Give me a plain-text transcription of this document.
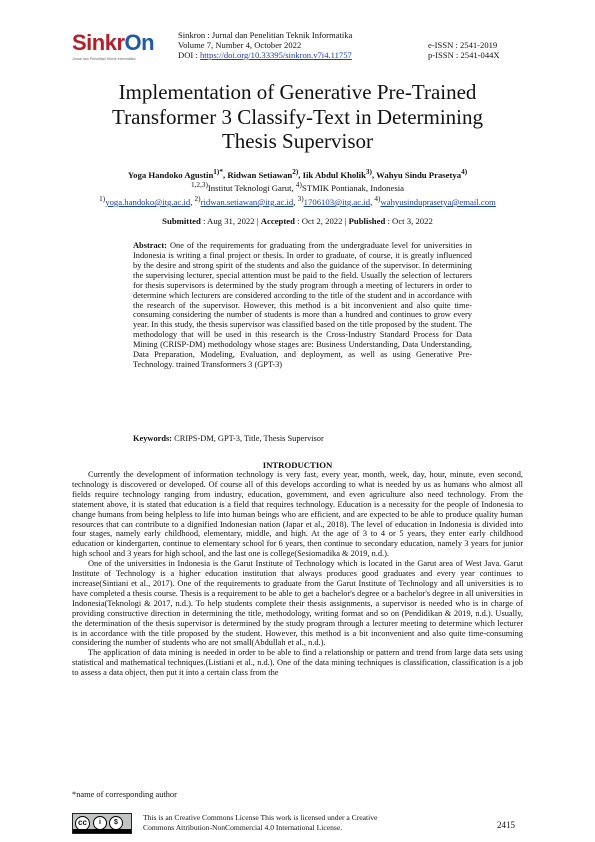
SinkrOn
Jurnal dan Penelitian Teknik Informatika
Sinkron : Jurnal dan Penelitian Teknik Informatika
Volume 7, Number 4, October 2022
DOI : https://doi.org/10.33395/sinkron.v7i4.11757
e-ISSN : 2541-2019
p-ISSN : 2541-044X
Implementation of Generative Pre-Trained
Transformer 3 Classify-Text in Determining
Thesis Supervisor
Yoga Handoko Agustin$^{1)*}$, Ridwan Setiawan$^{2)}$, Iik Abdul Kholik$^{3)}$, Wahyu Sindu Prasetya$^{4)}$
$^{1,2,3)}$Institut Teknologi Garut, $^{4)}$STMIK Pontianak, Indonesia
$^{1)}$yoga.handoko@itg.ac.id, $^{2)}$ridwan.setiawan@itg.ac.id, $^{3)}$1706103@itg.ac.id, $^{4)}$wahyusinduprasetya@email.com
Submitted : Aug 31, 2022 | Accepted : Oct 2, 2022 | Published : Oct 3, 2022
Abstract: One of the requirements for graduating from the undergraduate level for universities in Indonesia is writing a final project or thesis. In order to graduate, of course, it is greatly influenced by the desire and strong spirit of the students and also the guidance of the supervisor. In determining the supervising lecturer, special attention must be paid to the field. Usually the selection of lecturers for thesis supervisors is determined by the study program through a meeting of lecturers in order to determine which lecturers are considered according to the title of the student and in accordance with the research of the supervisor. However, this method is a bit inconvenient and also quite time-consuming considering the number of students is more than a hundred and continues to grow every year. In this study, the thesis supervisor was classified based on the title proposed by the student. The methodology that will be used in this research is the Cross-Industry Standard Process for Data Mining (CRISP-DM) methodology whose stages are: Business Understanding, Data Understanding, Data Preparation, Modeling, Evaluation, and deployment, as well as using Generative Pre-Technology. trained Transformers 3 (GPT-3)
Keywords: CRIPS-DM, GPT-3, Title, Thesis Supervisor
INTRODUCTION

Currently the development of information technology is very fast, every year, month, week, day, hour, minute, even second, technology is discovered or developed. Of course all of this develops according to what is needed by us as humans who almost all fields require technology ranging from industry, education, government, and even agriculture also need technology. From the statement above, it is stated that education is a field that requires technology. Education is a necessity for the people of Indonesia to change humans from being helpless to life into human beings who are efficient, and are expected to be able to produce quality human resources that can contribute to a dignified Indonesian nation (Japar et al., 2018). The level of education in Indonesia is divided into four stages, namely early childhood, elementary, middle, and high. At the age of 3 to 4 or 5 years, they enter early childhood education or kindergarten, continue to elementary school for 6 years, then continue to secondary education, namely 3 years for junior high school and 3 years for high school, and the last one is college(Sesiomadika & 2019, n.d.).

One of the universities in Indonesia is the Garut Institute of Technology which is located in the Garut area of West Java. Garut Institute of Technology is a higher education institution that always produces good graduates and every year continues to increase(Sintiani et al., 2017). One of the requirements to graduate from the Garut Institute of Technology and all universities is to have completed a thesis course. Thesis is a requirement to be able to get a bachelor's degree or a bachelor's degree in all universities in Indonesia(Teknologi & 2017, n.d.). To help students complete their thesis assignments, a supervisor is needed who is in charge of providing constructive direction in determining the title, methodology, writing format and so on (Pendidikan & 2019, n.d.). Usually, the determination of the thesis supervisor is determined by the study program through a lecturer meeting to determine which lecturer is in accordance with the title proposed by the student. However, this method is a bit inconvenient and also quite time-consuming considering the number of students who are not small(Abdullah et al., n.d.).

The application of data mining is needed in order to be able to find a relationship or pattern and trend from large data sets using statistical and mathematical techniques.(Listiani et al., n.d.). One of the data mining techniques is classification, classification is a job to assess a data object, then put it into a certain class from the

*name of corresponding author
cc	i	$
This is an Creative Commons License This work is licensed under a Creative
Commons Attribution-NonCommercial 4.0 International License.	2415
